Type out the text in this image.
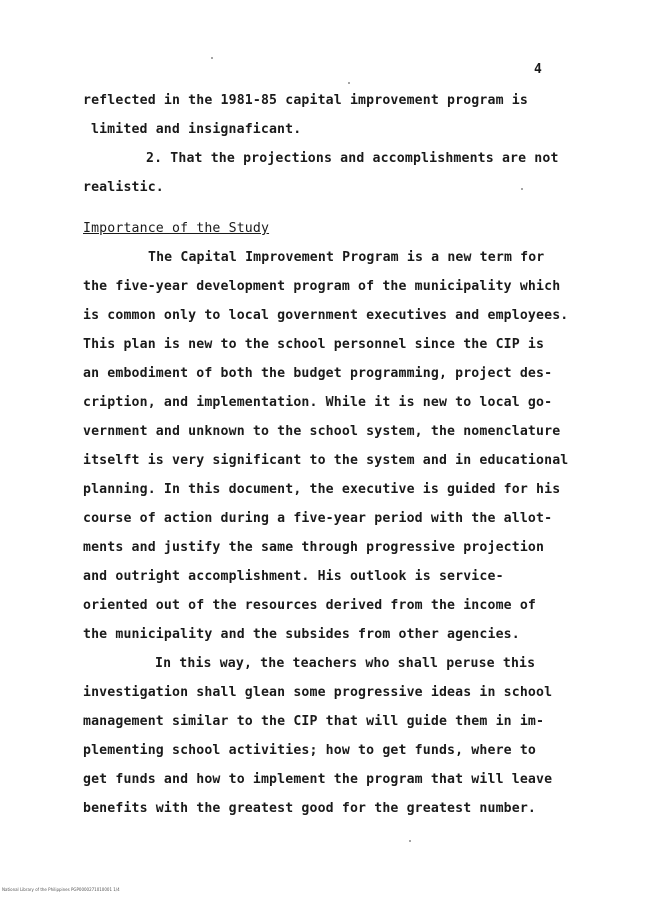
4
reflected in the 1981-85 capital improvement program is
limited and insignaficant.
2. That the projections and accomplishments are not
realistic.
Importance of the Study
The Capital Improvement Program is a new term for
the five-year development program of the municipality which
is common only to local government executives and employees.
This plan is new to the school personnel since the CIP is
an embodiment of both the budget programming, project des-
cription, and implementation. While it is new to local go-
vernment and unknown to the school system, the nomenclature
itselft is very significant to the system and in educational
planning. In this document, the executive is guided for his
course of action during a five-year period with the allot-
ments and justify the same through progressive projection
and outright accomplishment. His outlook is service-
oriented out of the resources derived from the income of
the municipality and the subsides from other agencies.
In this way, the teachers who shall peruse this
investigation shall glean some progressive ideas in school
management similar to the CIP that will guide them in im-
plementing school activities; how to get funds, where to
get funds and how to implement the program that will leave
benefits with the greatest good for the greatest number.
National Library of the Philippines PGP0000271010001 1/4
